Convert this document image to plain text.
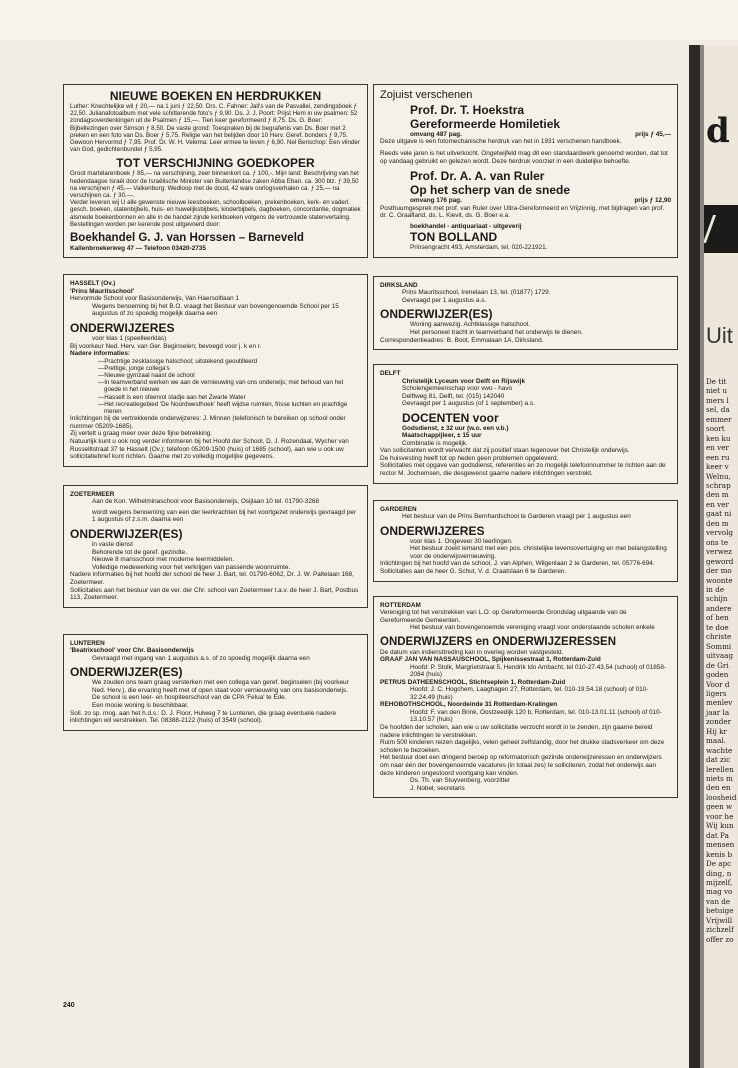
NIEUWE BOEKEN EN HERDRUKKEN
Luther: Knechtelijke wil ƒ 20,— na 1 juni ƒ 22,50. Drs. C. Fahner: Jall's van de Pasvallei, zendingsboek ƒ 22,50. Julianafotoalbum met vele schitterende foto's ƒ 9,90. Ds. J. J. Poort: Prijst Hem in uw psalmen: 52 zondagsoverdenkingen uit de Psalmen ƒ 15,—. Tien keer gereformeerd ƒ 8,75. Ds. G. Boer: Bijbellezingen over Simson ƒ 8,50. De vaste grond: Toespraken bij de begrafenis van Ds. Boer met 2 preken en een foto van Ds. Boer ƒ 5,75. Religie van het belijden door 10 Herv. Geref. bonders ƒ 9,75. Gewoon Hervormd ƒ 7,95. Prof. Dr. W. H. Velema: Leer ermee te leven ƒ 6,90. Nel Benschop: Een vlinder van God, gedichtenbundel ƒ 5,95.
TOT VERSCHIJNING GOEDKOPER
Groot martelarenboek ƒ 85,— na verschijning, zeer binnenkort ca. ƒ 100,-. Mijn land: Beschrijving van het hedendaagse Israël door de Israëlische Minister van Buitenlandse zaken Abba Eban. ca. 300 blz. ƒ 39,50 na verschijnen ƒ 45,— Valkenburg: Wedloop met de dood, 42 ware oorlogsverhalen ca. ƒ 25,— na verschijnen ca. ƒ 30,—.
Verder leveren wij U alle gewenste nieuwe leesboeken, schoolboeken, prekenboeken, kerk- en vaderl. gesch. boeken, statenbijbels, huis- en huwelijksbijbels, kinderbijbels, dagboeken, concordantie, dogmatiek alsmede boekenbonnen en alle in de handel zijnde kerkboeken volgens de vertrouwde statenvertaling.
Bestellingen worden per kerende post uitgevoerd door:
Boekhandel G. J. van Horssen – Barneveld
Kallenbroekerweg 47 — Telefoon 03420-2735
HASSELT (Ov.)
'Prins Mauritsschool'
Hervormde School voor Basisonderwijs, Van Haersoltlaan 1
Wegens benoeming bij het B.O. vraagt het Bestuur van bovengenoemde School per 15 augustus of zo spoedig mogelijk daarna een
ONDERWIJZERES
voor klas 1 (speelleerklas)
Bij voorkeur Ned. Herv. van Ger. Beginselen; bevoegd voor j. k en r.
Nadere informaties:
—Prachtige zesklassige halschool; uitstekend geoutilleerd
—Prettige, jonge collega's
—Nieuwe gymzaal naast de school
—In teamverband werken we aan de vernieuwing van ons onderwijs; met behoud van het goede in het nieuwe
—Hasselt is een sfeervol stadje aan het Zwarte Water
—Het recreatiegebied 'De Noordwesthoek' heeft wijdse ruimten, frisse luchten en prachtige meren
Inlichtingen bij de vertrekkende onderwijzeres: J. Minnen (telefonisch te bereiken op school onder nummer 05209-1685).
Zij vertelt u graag meer over deze fijne betrekking.
Natuurlijk kunt u ook nog verder informeren bij het Hoofd der School, D. J. Rozendaal, Wycher van Russelltstraat 37 te Hasselt (Ov.); telefoon 05209-1500 (huis) of 1685 (school), aan wie u ook uw sollicitatiebrief kunt richten. Gaarne met zo volledig mogelijke gegevens.
ZOETERMEER
Aan de Kon. Wilhelminaschool voor Basisonderwijs, Osijlaan 10 tel. 01790-3268
wordt wegens benoeming van een der leerkrachten bij het voortgezet onderwijs gevraagd per 1 augustus of z.s.m. daarna een
ONDERWIJZER(ES)
in vaste dienst
Behorende tot de geref. gezindte.
Nieuwe 8 mansschool met moderne leermiddelen.
Volledige medewerking voor het verkrijgen van passende woonruimte.
Nadere informaties bij het hoofd der school de heer J. Bart, tel. 01790-6062, Dr. J. W. Paltelaan 168, Zoetermeer.
Sollicitaties aan het bestuur van de ver. der Chr. school van Zoetermeer t.a.v. de heer J. Bart, Postbus 113, Zoetermeer.
LUNTEREN
'Beatrixschool' voor Chr. Basisonderwijs
Gevraagd met ingang van 1 augustus a.s. of zo spoedig mogelijk daarna een
ONDERWIJZER(ES)
We zouden ons team graag versterken met een collega van geref. beginselen (bij voorkeur Ned. Herv.), die ervaring heeft met of open staat voor vernieuwing van ons basisonderwijs.
De school is een leer- en hospiteerschool van de CPA 'Felua' te Ede.
Een mooie woning is beschikbaar.
Soll. zo sp. mog. aan het h.d.s.: D. J. Floor, Hulweg 7 te Lunteren, die graag eventuele nadere inlichtingen wil verstrekken. Tel. 08388-2122 (huis) of 3549 (school).
Zojuist verschenen
Prof. Dr. T. Hoekstra
Gereformeerde Homiletiek
omvang 487 pag.	prijs ƒ 45,—
Deze uitgave is een fotomechanische herdruk van het in 1931 verschenen handboek.
Reeds vele jaren is het uitverkocht. Ongetwijfeld mag dit een standaardwerk genoemd worden, dat tot op vandaag gebruikt en gelezen wordt. Deze herdruk voorziet in een duidelijke behoefte.
Prof. Dr. A. A. van Ruler
Op het scherp van de snede
omvang 176 pag.	prijs ƒ 12,90
Posthuumgesprek met prof. van Ruler over Ultra-Gereformeerd en Vrijzinnig, met bijdragen van prof. dr. C. Graafland, ds. L. Kievit, ds. G. Boer e.a.
boekhandel - antiquariaat - uitgeverij
TON BOLLAND
Prinsengracht 493, Amsterdam, tel. 020-221921.
DIRKSLAND
Prins Mauritsschool, Irenelaan 13, tel. (01877) 1729.
Gevraagd per 1 augustus a.s.
ONDERWIJZER(ES)
Woning aanwezig. Achtklassige halschool.
Het personeel tracht in teamverband het onderwijs te dienen.
Correspondentieadres: B. Boot, Emmalaan 1A, Dirksland.
DELFT
Christelijk Lyceum voor Delft en Rijswijk
Scholengemeenschap voor vwo - havo
Delftweg 81, Delft, tel. (015) 142040
Gevraagd per 1 augustus (of 1 september) a.s.
DOCENTEN voor
Godsdienst, ± 32 uur (w.o. een v.b.)
Maatschappijleer, ± 15 uur
Combinatie is mogelijk.
Van sollicitanten wordt verwacht dat zij positief staan tegenover het Christelijk onderwijs.
De huisvesting heeft tot op heden geen problemen opgeleverd.
Sollicitaties met opgave van godsdienst, referenties en zo mogelijk telefoonnummer te richten aan de rector M. Jochemsen, die desgewenst gaarne nadere inlichtingen verstrekt.
GARDEREN
Het bestuur van de Prins Bernhardschool te Garderen vraagt per 1 augustus een
ONDERWIJZERES
voor klas 1. Ongeveer 30 leerlingen.
Het bestuur zoekt iemand met een pos. christelijke levensovertuiging en met belangstelling voor de onderwijsvernieuwing.
Inlichtingen bij het hoofd van de school, J. van Alphen, Wilgenlaan 2 te Garderen, tel. 05776-694.
Sollicitaties aan de heer G. Schut, V. d. Craatslaan 6 te Garderen.
ROTTERDAM
Vereniging tot het verstrekken van L.O. op Gereformeerde Grondslag uitgaande van de Gereformeerde Gemeenten.
Het bestuur van bovengenoemde vereniging vraagt voor onderstaande scholen enkele
ONDERWIJZERS en ONDERWIJZERESSEN
De datum van indiensttreding kan in overleg worden vastgesteld.
GRAAF JAN VAN NASSAUSCHOOL, Spijkenissestraat 1, Rotterdam-Zuid
Hoofd: P. Stolk, Margrietstraat 5, Hendrik Ido Ambacht, tel 010-27.43.54 (school) of 01858-2084 (huis)
PETRUS DATHEENSCHOOL, Stichtseplein 1, Rotterdam-Zuid
Hoofd: J. C. Hogchem, Laaghagen 27, Rotterdam, tel. 010-19.54.18 (school) of 010-32.24.49 (huis)
REHOBOTHSCHOOL, Noordeinde 31 Rotterdam-Kralingen
Hoofd: F. van den Brink, Oostzeedijk 120 b, Rotterdam, tel. 010-13.01.11 (school) of 010-13.10.57 (huis)
De hoofden der scholen, aan wie u uw sollicitatie verzocht wordt in te zenden, zijn gaarne bereid nadere inlichtingen te verstrekken.
Ruim 500 kinderen reizen dagelijks, velen geheel zelfstandig, door het drukke stadsverkeer om deze scholen te bezoeken.
Het bestuur doet een dringend beroep op reformatorisch gezinde onderwijzeressen en onderwijzers om naar één der bovengenoemde vacatures (in totaal zes) te solliciteren, zodat het onderwijs aan deze kinderen ongestoord voortgang kan vinden.
Ds. Th. van Stuyvenberg, voorzitter
J. Nobel, secretaris
240
d
Uit
De tit
niet u
mers l
sel, da
emmer
soort
ken ku
en ver
een ru
keer v
Welnu,
schrap
den m
en ver
gaat ni
den m
vervolg
ons te
verwez
geword
der mo
woonte
in de
schijn
andere
of hen
te doe
christe
Sommi
uitvaag
de Gri
goden
Voor d
ligers
menlev
jaar la
zonder
Hij kr
maal.
wachte
dat zic
lerellen
niets m
den en
loosheid
geen w
voor he
Wij kun
dat Pa
mensen
kenis b
De apc
ding, n
mijzelf,
mag vo
van de
betuige
Vrijwill
zichzelf
offer zo
